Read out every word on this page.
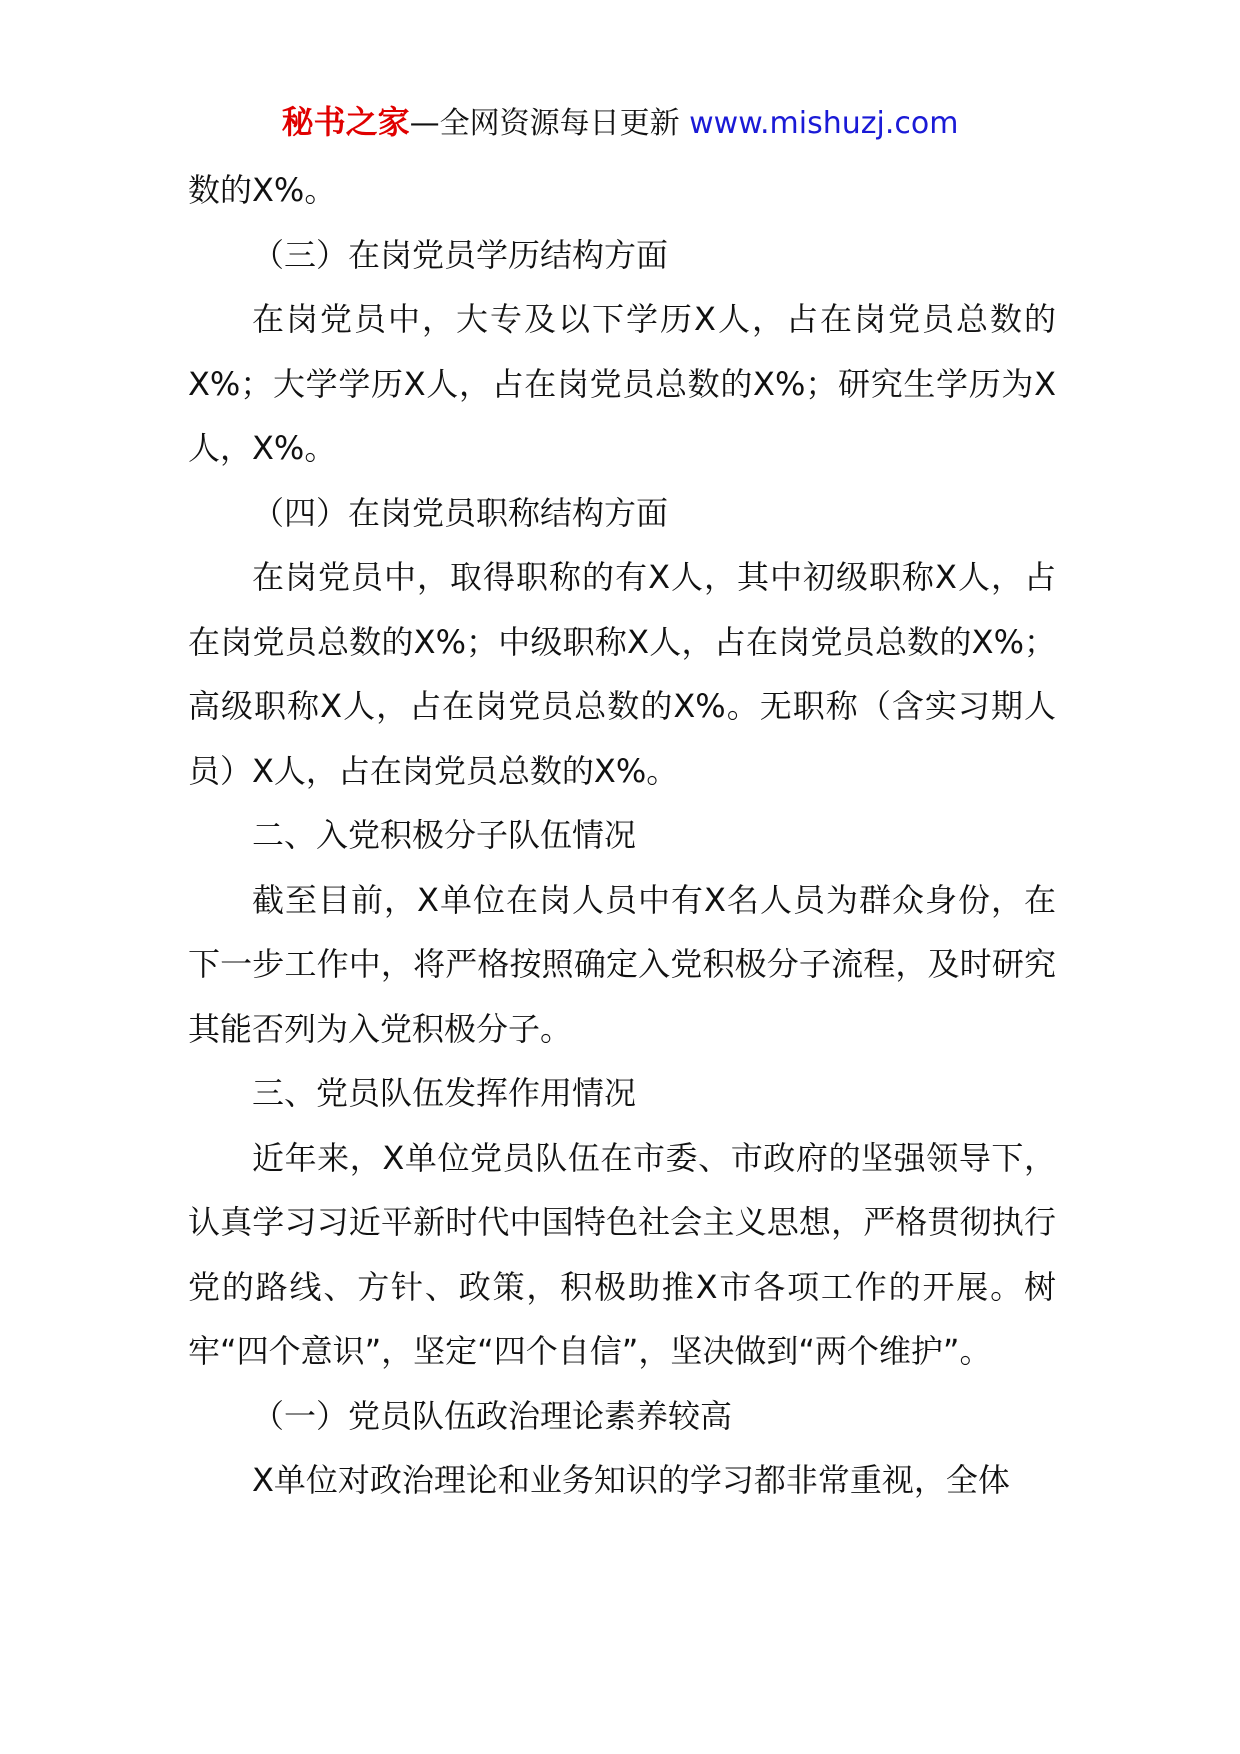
秘书之家—全网资源每日更新 www.mishuzj.com

数的X%。

（三）在岗党员学历结构方面

在岗党员中，大专及以下学历X人，占在岗党员总数的X%；大学学历X人，占在岗党员总数的X%；研究生学历为X人，X%。

（四）在岗党员职称结构方面

在岗党员中，取得职称的有X人，其中初级职称X人，占在岗党员总数的X%；中级职称X人，占在岗党员总数的X%；高级职称X人，占在岗党员总数的X%。无职称（含实习期人员）X人，占在岗党员总数的X%。

二、入党积极分子队伍情况

截至目前，X单位在岗人员中有X名人员为群众身份，在下一步工作中，将严格按照确定入党积极分子流程，及时研究其能否列为入党积极分子。

三、党员队伍发挥作用情况

近年来，X单位党员队伍在市委、市政府的坚强领导下，认真学习习近平新时代中国特色社会主义思想，严格贯彻执行党的路线、方针、政策，积极助推X市各项工作的开展。树牢“四个意识”，坚定“四个自信”，坚决做到“两个维护”。

（一）党员队伍政治理论素养较高

X单位对政治理论和业务知识的学习都非常重视，全体
